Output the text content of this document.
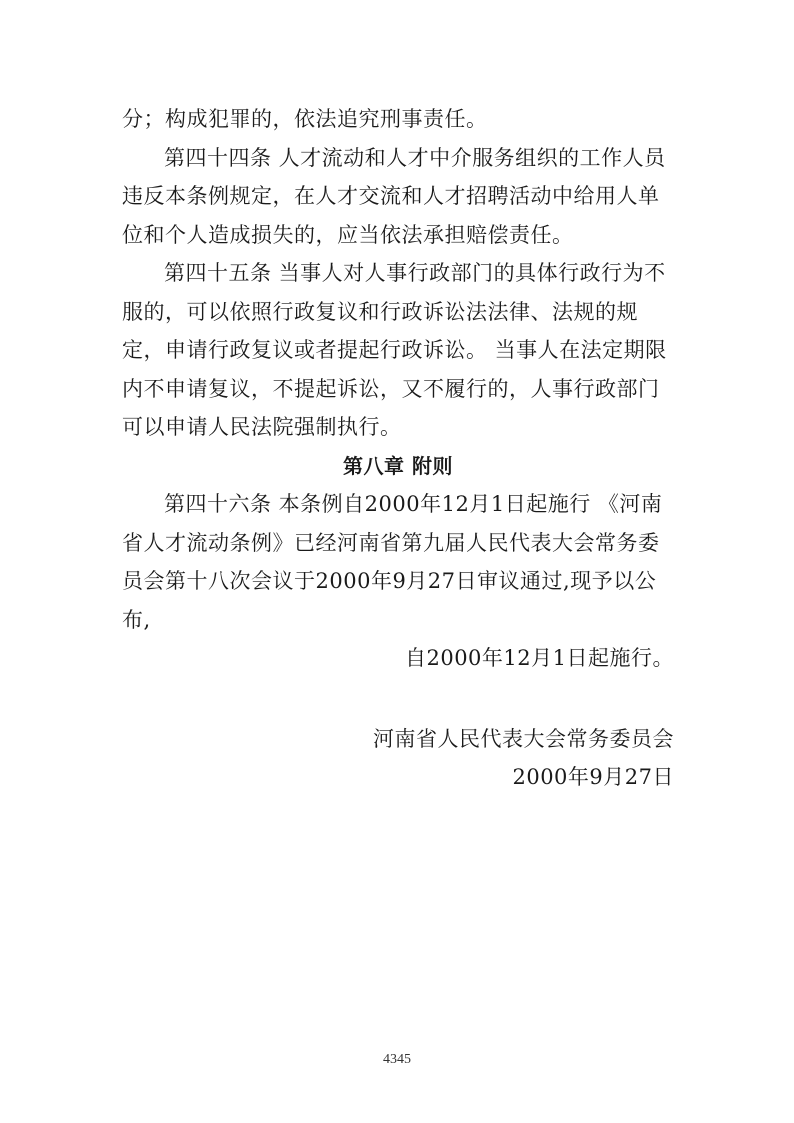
分；构成犯罪的，依法追究刑事责任。

第四十四条 人才流动和人才中介服务组织的工作人员违反本条例规定，在人才交流和人才招聘活动中给用人单位和个人造成损失的，应当依法承担赔偿责任。

第四十五条 当事人对人事行政部门的具体行政行为不服的，可以依照行政复议和行政诉讼法法律、法规的规定，申请行政复议或者提起行政诉讼。 当事人在法定期限内不申请复议，不提起诉讼，又不履行的，人事行政部门可以申请人民法院强制执行。

第八章 附则

第四十六条 本条例自2000年12月1日起施行 《河南省人才流动条例》已经河南省第九届人民代表大会常务委员会第十八次会议于2000年9月27日审议通过,现予以公布,

自2000年12月1日起施行。

河南省人民代表大会常务委员会
2000年9月27日
4345
